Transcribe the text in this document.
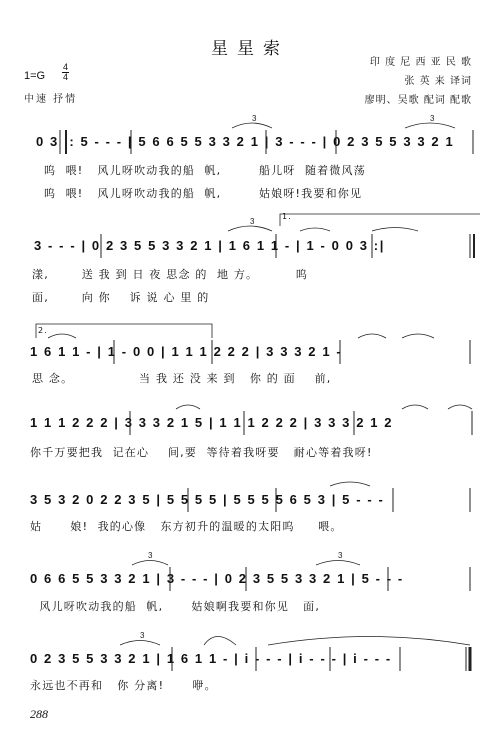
星星索
印 度 尼 西 亚 民 歌
张 英 来 译词
廖明、吴歌 配词 配歌
1=G
4
4
中速 抒情
0 3 |: 5 - - - | 5 6 6 5 5 3 3 2 1 | 3 - - - | 0 2 3 5 5 3 3 2 1
呜  喂!   风儿呀吹动我的船  帆,        船儿呀  随着微风荡
呜  喂!   风儿呀吹动我的船  帆,        姑娘呀!我要和你见
3 - - - | 0 2 3 5 5 3 3 2 1 | 1 6 1 1 - | 1 - 0 0 3 :|
1.
漾,       送 我 到 日 夜 思念 的  地 方。        呜
面,       向 你    诉 说 心 里 的
1 6 1 1 - | 1 - 0 0 | 1 1 1 2 2 2 | 3 3 3 2 1 -
2.
思 念。              当 我 还 没 来 到   你 的 面    前,
1 1 1 2 2 2 | 3 3 3 2 1 5 | 1 1 1 2 2 2 | 3 3 3 2 1 2
你千万要把我  记在心    间,要  等待着我呀要   耐心等着我呀!
3 5 3 2 0 2 2 3 5 | 5 5 5 5 | 5 5 5 5 6 5 3 | 5 - - -
姑      娘!  我的心像   东方初升的温暖的太阳呜     喂。
0 6 6 5 5 3 3 2 1 | 3 - - - | 0 2 3 5 5 3 3 2 1 | 5 - - -
风儿呀吹动我的船  帆,      姑娘啊我要和你见   面,
0 2 3 5 5 3 3 2 1 | 1 6 1 1 - | i - - - | i - - - | i - - -
永远也不再和   你 分离!      咿。
288
3	3
3
3	3
3
